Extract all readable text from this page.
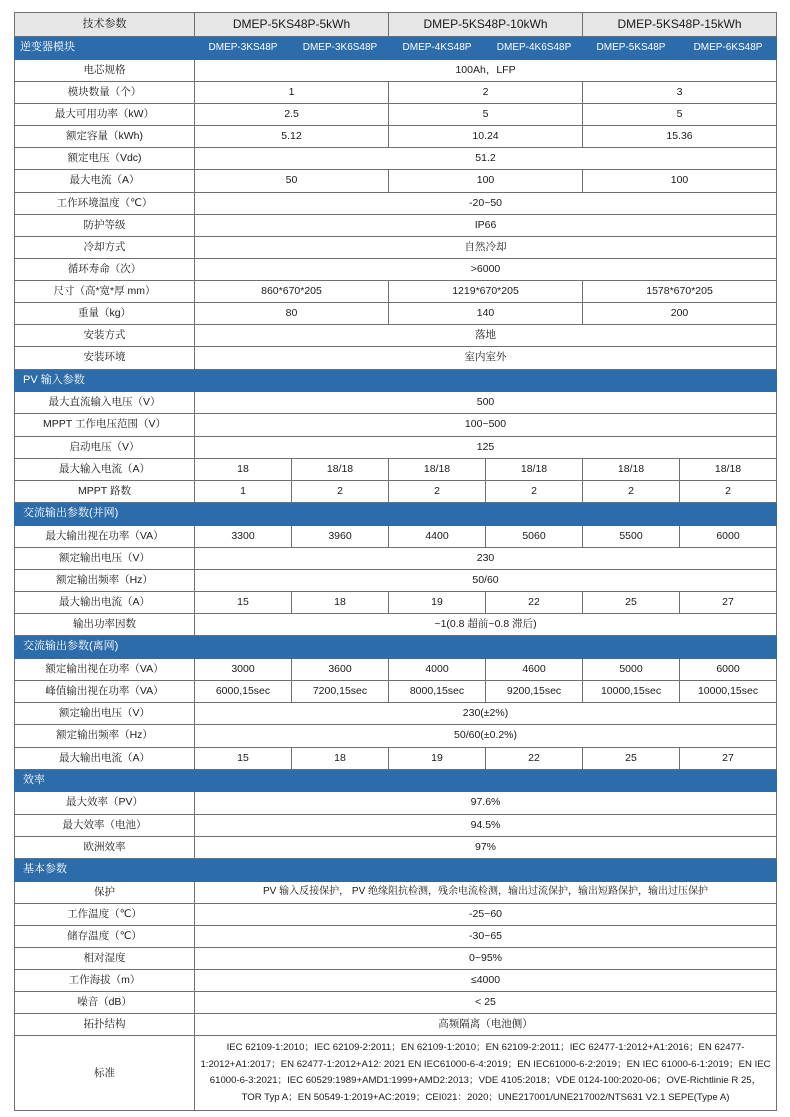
技术参数	DMEP-5KS48P-5kWh		DMEP-5KS48P-10kWh		DMEP-5KS48P-15kWh	
逆变器模块	DMEP-3KS48P	DMEP-3K6S48P	DMEP-4KS48P	DMEP-4K6S48P	DMEP-5KS48P	DMEP-6KS48P
电芯规格	100Ah，LFP					
模块数量（个）	1		2		3	
最大可用功率（kW）	2.5		5		5	
额定容量（kWh)	5.12		10.24		15.36	
额定电压（Vdc)	51.2					
最大电流（A）	50		100		100	
工作环境温度（℃）	-20~50					
防护等级	IP66					
冷却方式	自然冷却					
循环寿命（次）	>6000					
尺寸（高*宽*厚 mm）	860*670*205		1219*670*205		1578*670*205	
重量（kg）	80		140		200	
安装方式	落地					
安装环境	室内室外					
PV 输入参数						
最大直流输入电压（V）	500					
MPPT 工作电压范围（V）	100~500					
启动电压（V）	125					
最大输入电流（A）	18	18/18	18/18	18/18	18/18	18/18
MPPT 路数	1	2	2	2	2	2
交流输出参数(并网)						
最大输出视在功率（VA）	3300	3960	4400	5060	5500	6000
额定输出电压（V）	230					
额定输出频率（Hz）	50/60					
最大输出电流（A）	15	18	19	22	25	27
输出功率因数	~1(0.8 超前~0.8 滞后)					
交流输出参数(离网)						
额定输出视在功率（VA）	3000	3600	4000	4600	5000	6000
峰值输出视在功率（VA）	6000,15sec	7200,15sec	8000,15sec	9200,15sec	10000,15sec	10000,15sec
额定输出电压（V）	230(±2%)					
额定输出频率（Hz）	50/60(±0.2%)					
最大输出电流（A）	15	18	19	22	25	27
效率						
最大效率（PV）	97.6%					
最大效率（电池）	94.5%					
欧洲效率	97%					
基本参数						
保护	PV 输入反接保护， PV 绝缘阻抗检测，残余电流检测，输出过流保护，输出短路保护，输出过压保护					
工作温度（℃）	-25~60					
储存温度（℃）	-30~65					
相对湿度	0~95%					
工作海拔（m）	≤4000					
噪音（dB）	< 25					
拓扑结构	高频隔离（电池侧）					
标准	IEC 62109-1:2010；IEC 62109-2:2011；EN 62109-1:2010；EN 62109-2:2011；IEC 62477-1:2012+A1:2016；EN 62477-1:2012+A1:2017；EN 62477-1:2012+A12: 2021 EN IEC61000-6-4:2019；EN IEC61000-6-2:2019；EN IEC 61000-6-1:2019；EN IEC 61000-6-3:2021；IEC 60529:1989+AMD1:1999+AMD2:2013；VDE 4105:2018；VDE 0124-100:2020-06；OVE-Richtlinie R 25，TOR Typ A；EN 50549-1:2019+AC:2019；CEI021：2020；UNE217001/UNE217002/NTS631 V2.1 SEPE(Type A)					
